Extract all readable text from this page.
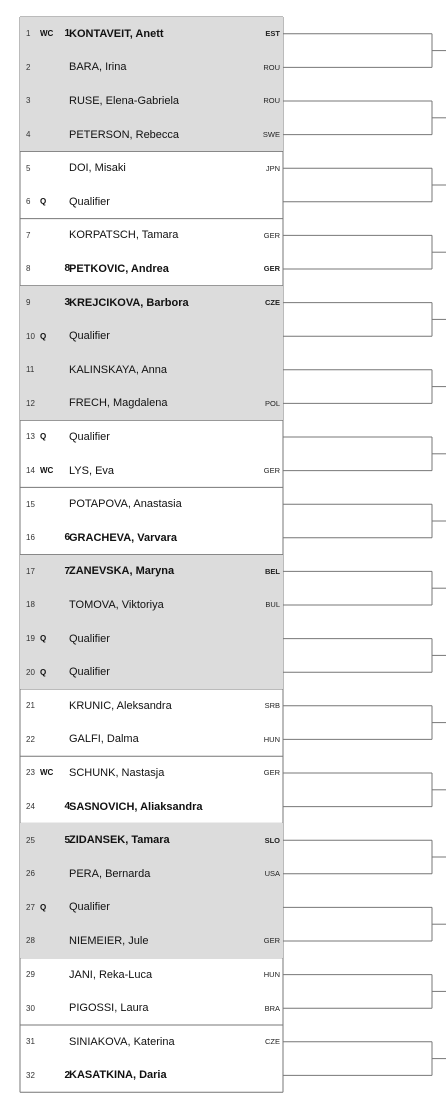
1 WC	1 KONTAVEIT, Anett	EST
2	BARA, Irina	ROU
3	RUSE, Elena-Gabriela	ROU
4	PETERSON, Rebecca	SWE
5	DOI, Misaki	JPN
6 Q Qualifier
7	KORPATSCH, Tamara	GER
8	8 PETKOVIC, Andrea	GER
9	3 KREJCIKOVA, Barbora	CZE
10 Q Qualifier
11	KALINSKAYA, Anna
12	FRECH, Magdalena	POL
13 Q Qualifier
14 WC LYS, Eva	GER
15	POTAPOVA, Anastasia
16	6 GRACHEVA, Varvara
17	7 ZANEVSKA, Maryna	BEL
18	TOMOVA, Viktoriya	BUL
19 Q Qualifier
20 Q Qualifier
21	KRUNIC, Aleksandra	SRB
22	GALFI, Dalma	HUN
23 WC SCHUNK, Nastasja	GER
24	4 SASNOVICH, Aliaksandra
25	5 ZIDANSEK, Tamara	SLO
26	PERA, Bernarda	USA
27 Q Qualifier
28	NIEMEIER, Jule	GER
29	JANI, Reka-Luca	HUN
30	PIGOSSI, Laura	BRA
31	SINIAKOVA, Katerina	CZE
32	2 KASATKINA, Daria
